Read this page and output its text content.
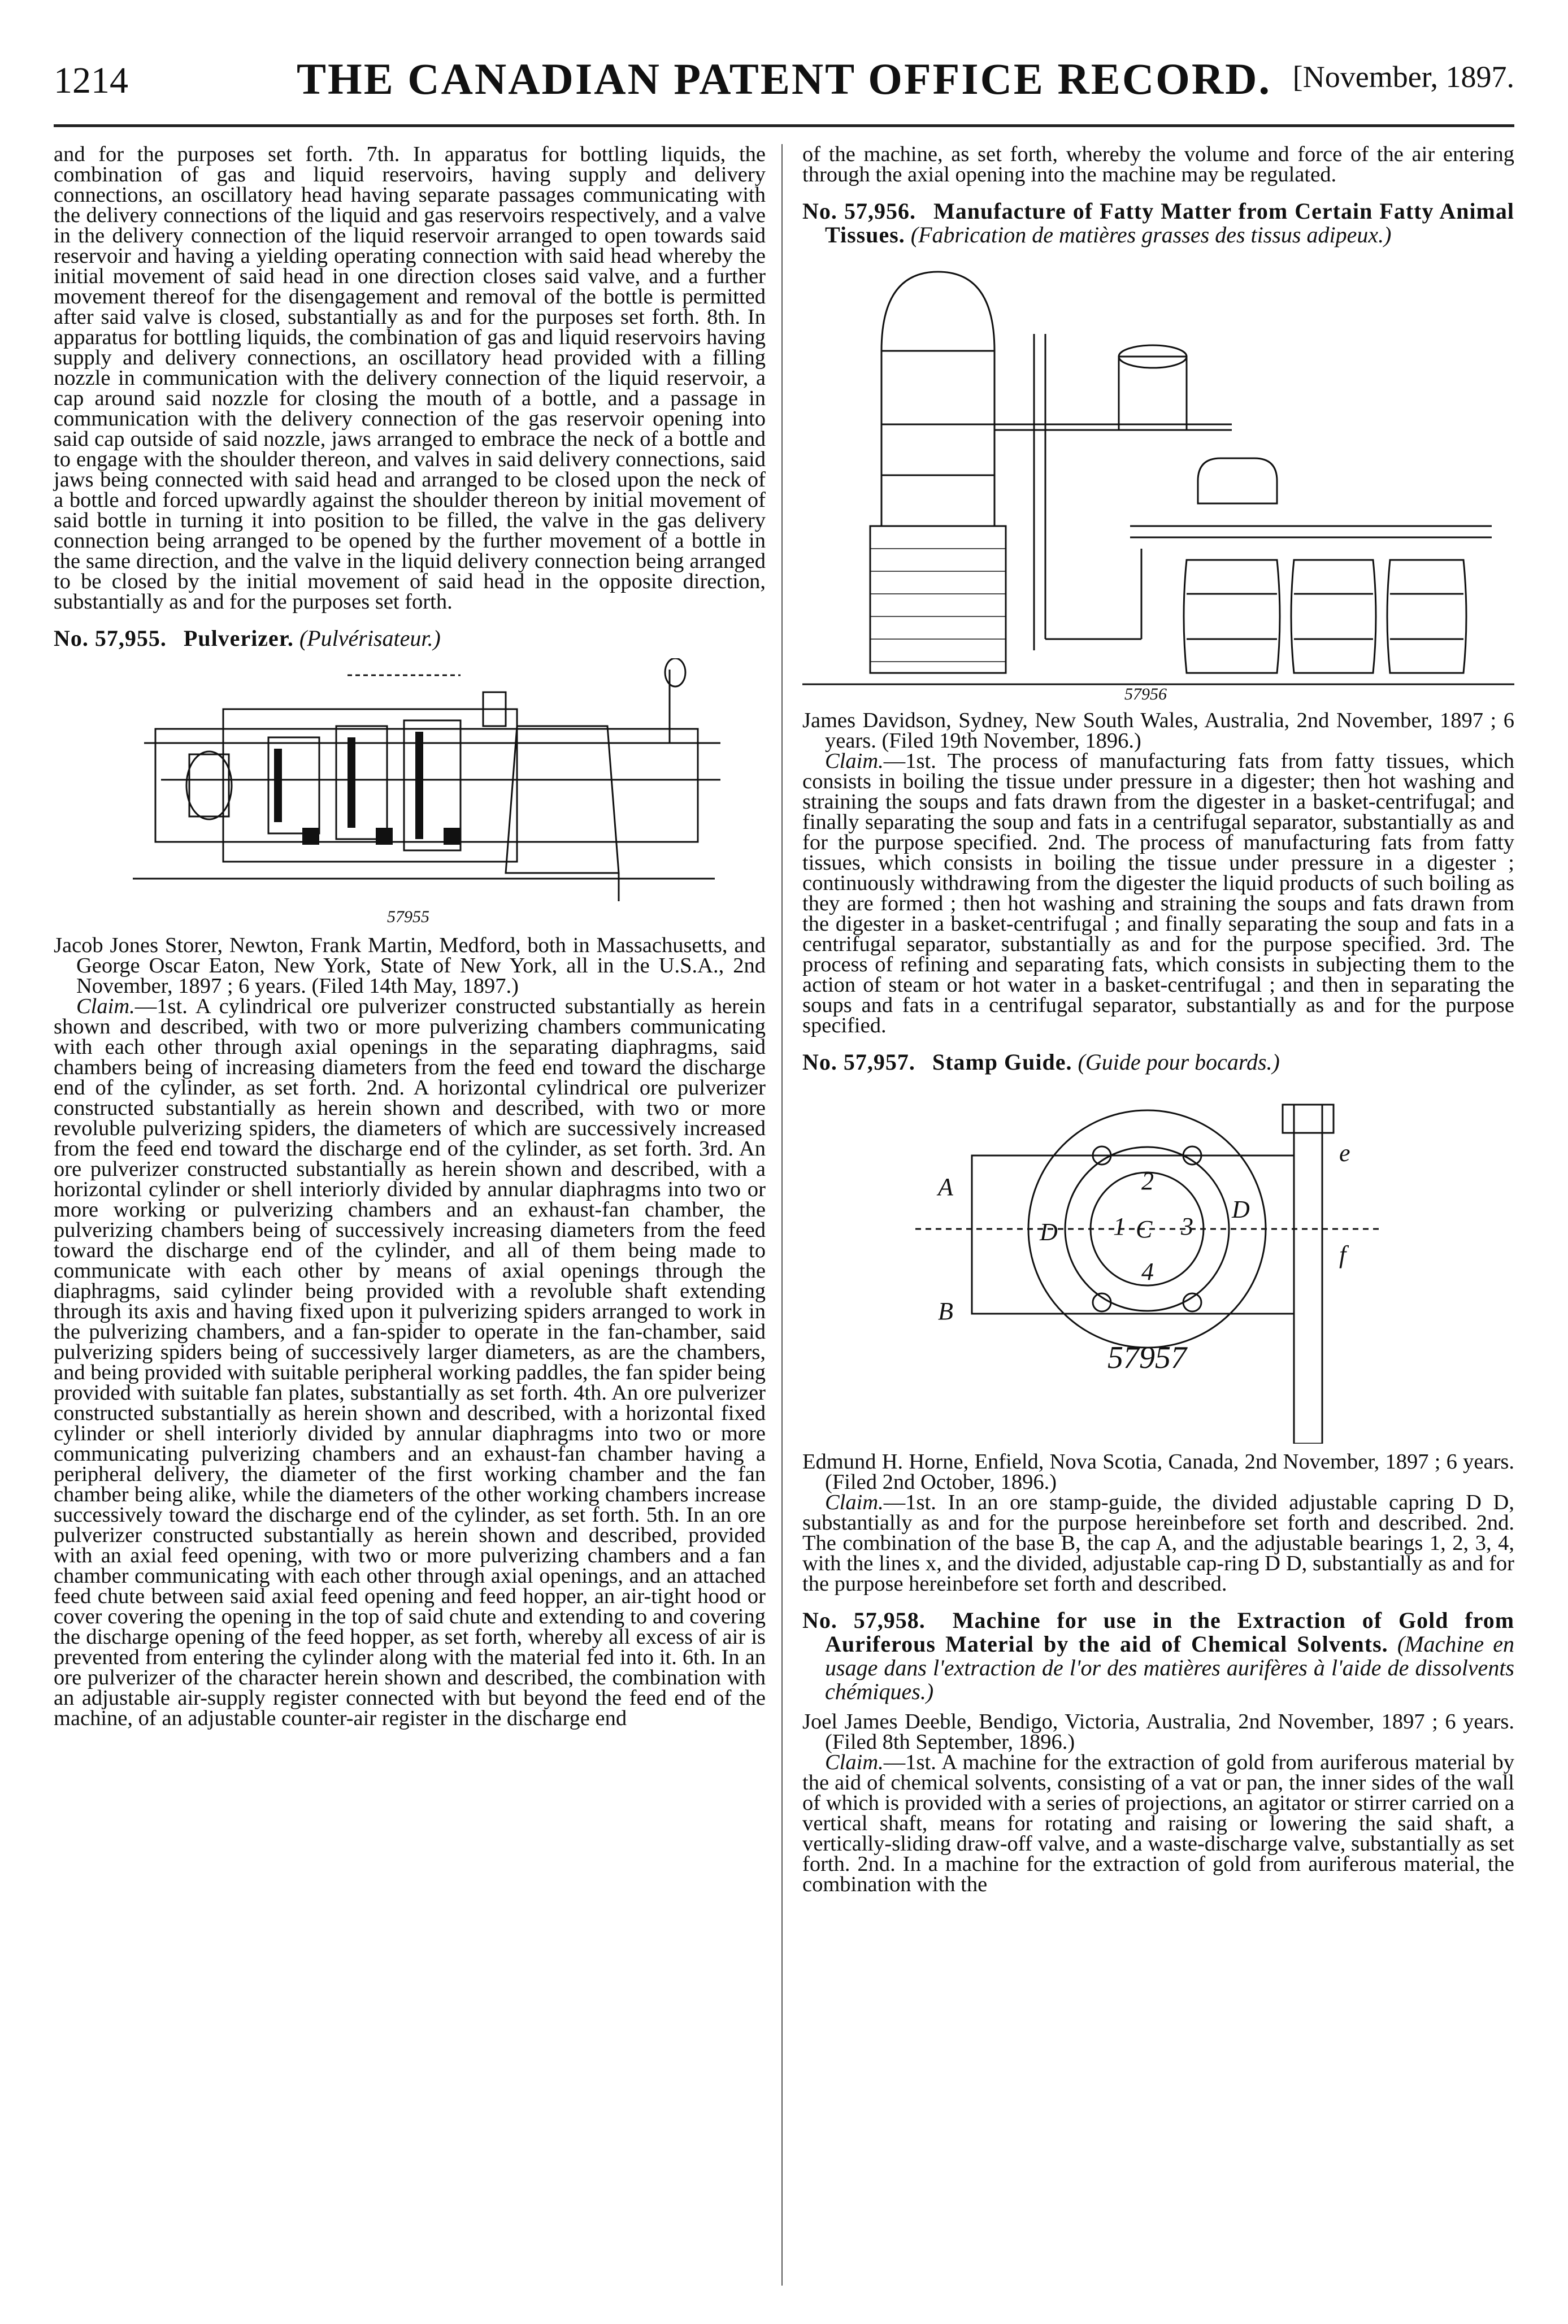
1214	THE CANADIAN PATENT OFFICE RECORD. [November, 1897.

and for the purposes set forth. 7th. In apparatus for bottling liquids, the combination of gas and liquid reservoirs, having supply and delivery connections, an oscillatory head having separate passages communicating with the delivery connections of the liquid and gas reservoirs respectively, and a valve in the delivery connection of the liquid reservoir arranged to open towards said reservoir and having a yielding operating connection with said head whereby the initial movement of said head in one direction closes said valve, and a further movement thereof for the disengagement and removal of the bottle is permitted after said valve is closed, substantially as and for the purposes set forth. 8th. In apparatus for bottling liquids, the combination of gas and liquid reservoirs having supply and delivery connections, an oscillatory head provided with a filling nozzle in communication with the delivery connection of the liquid reservoir, a cap around said nozzle for closing the mouth of a bottle, and a passage in communication with the delivery connection of the gas reservoir opening into said cap outside of said nozzle, jaws arranged to embrace the neck of a bottle and to engage with the shoulder thereon, and valves in said delivery connections, said jaws being connected with said head and arranged to be closed upon the neck of a bottle and forced upwardly against the shoulder thereon by initial movement of said bottle in turning it into position to be filled, the valve in the gas delivery connection being arranged to be opened by the further movement of a bottle in the same direction, and the valve in the liquid delivery connection being arranged to be closed by the initial movement of said head in the opposite direction, substantially as and for the purposes set forth.

No. 57,955. Pulverizer. (Pulvérisateur.)
57955

Jacob Jones Storer, Newton, Frank Martin, Medford, both in Massachusetts, and George Oscar Eaton, New York, State of New York, all in the U.S.A., 2nd November, 1897 ; 6 years. (Filed 14th May, 1897.)

Claim.—1st. A cylindrical ore pulverizer constructed substantially as herein shown and described, with two or more pulverizing chambers communicating with each other through axial openings in the separating diaphragms, said chambers being of increasing diameters from the feed end toward the discharge end of the cylinder, as set forth. 2nd. A horizontal cylindrical ore pulverizer constructed substantially as herein shown and described, with two or more revoluble pulverizing spiders, the diameters of which are successively increased from the feed end toward the discharge end of the cylinder, as set forth. 3rd. An ore pulverizer constructed substantially as herein shown and described, with a horizontal cylinder or shell interiorly divided by annular diaphragms into two or more working or pulverizing chambers and an exhaust-fan chamber, the pulverizing chambers being of successively increasing diameters from the feed toward the discharge end of the cylinder, and all of them being made to communicate with each other by means of axial openings through the diaphragms, said cylinder being provided with a revoluble shaft extending through its axis and having fixed upon it pulverizing spiders arranged to work in the pulverizing chambers, and a fan-spider to operate in the fan-chamber, said pulverizing spiders being of successively larger diameters, as are the chambers, and being provided with suitable peripheral working paddles, the fan spider being provided with suitable fan plates, substantially as set forth. 4th. An ore pulverizer constructed substantially as herein shown and described, with a horizontal fixed cylinder or shell interiorly divided by annular diaphragms into two or more communicating pulverizing chambers and an exhaust-fan chamber having a peripheral delivery, the diameter of the first working chamber and the fan chamber being alike, while the diameters of the other working chambers increase successively toward the discharge end of the cylinder, as set forth. 5th. In an ore pulverizer constructed substantially as herein shown and described, provided with an axial feed opening, with two or more pulverizing chambers and a fan chamber communicating with each other through axial openings, and an attached feed chute between said axial feed opening and feed hopper, an air-tight hood or cover covering the opening in the top of said chute and extending to and covering the discharge opening of the feed hopper, as set forth, whereby all excess of air is prevented from entering the cylinder along with the material fed into it. 6th. In an ore pulverizer of the character herein shown and described, the combination with an adjustable air-supply register connected with but beyond the feed end of the machine, of an adjustable counter-air register in the discharge end

of the machine, as set forth, whereby the volume and force of the air entering through the axial opening into the machine may be regulated.

No. 57,956. Manufacture of Fatty Matter from Certain Fatty Animal Tissues. (Fabrication de matières grasses des tissus adipeux.)
57956

James Davidson, Sydney, New South Wales, Australia, 2nd November, 1897 ; 6 years. (Filed 19th November, 1896.)

Claim.—1st. The process of manufacturing fats from fatty tissues, which consists in boiling the tissue under pressure in a digester; then hot washing and straining the soups and fats drawn from the digester in a basket-centrifugal; and finally separating the soup and fats in a centrifugal separator, substantially as and for the purpose specified. 2nd. The process of manufacturing fats from fatty tissues, which consists in boiling the tissue under pressure in a digester ; continuously withdrawing from the digester the liquid products of such boiling as they are formed ; then hot washing and straining the soups and fats drawn from the digester in a basket-centrifugal ; and finally separating the soup and fats in a centrifugal separator, substantially as and for the purpose specified. 3rd. The process of refining and separating fats, which consists in subjecting them to the action of steam or hot water in a basket-centrifugal ; and then in separating the soups and fats in a centrifugal separator, substantially as and for the purpose specified.

No. 57,957. Stamp Guide. (Guide pour bocards.)
A
B
D
D
C
2
1 3
4
e
f
57957

Edmund H. Horne, Enfield, Nova Scotia, Canada, 2nd November, 1897 ; 6 years. (Filed 2nd October, 1896.)

Claim.—1st. In an ore stamp-guide, the divided adjustable capring D D, substantially as and for the purpose hereinbefore set forth and described. 2nd. The combination of the base B, the cap A, and the adjustable bearings 1, 2, 3, 4, with the lines x, and the divided, adjustable cap-ring D D, substantially as and for the purpose hereinbefore set forth and described.

No. 57,958. Machine for use in the Extraction of Gold from Auriferous Material by the aid of Chemical Solvents. (Machine en usage dans l'extraction de l'or des matières aurifères à l'aide de dissolvents chémiques.)

Joel James Deeble, Bendigo, Victoria, Australia, 2nd November, 1897 ; 6 years. (Filed 8th September, 1896.)

Claim.—1st. A machine for the extraction of gold from auriferous material by the aid of chemical solvents, consisting of a vat or pan, the inner sides of the wall of which is provided with a series of projections, an agitator or stirrer carried on a vertical shaft, means for rotating and raising or lowering the said shaft, a vertically-sliding draw-off valve, and a waste-discharge valve, substantially as set forth. 2nd. In a machine for the extraction of gold from auriferous material, the combination with the
